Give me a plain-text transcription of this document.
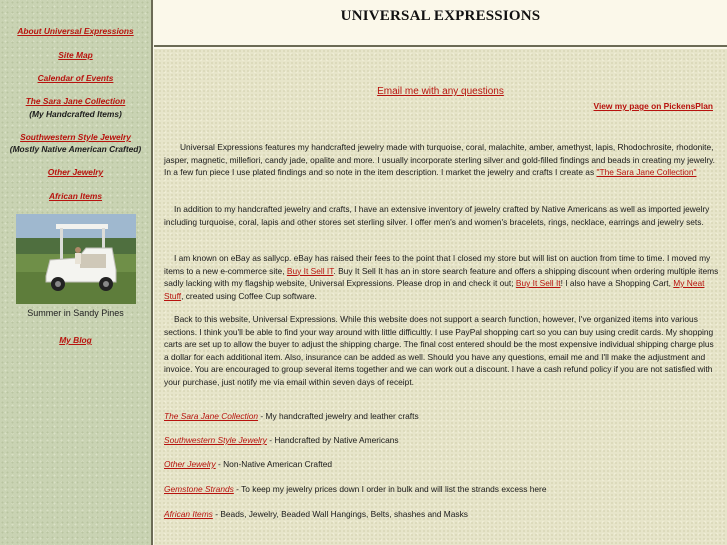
About Universal Expressions
Site Map
Calendar of Events
The Sara Jane Collection
(My Handcrafted Items)
Southwestern Style Jewelry
(Mostly Native American Crafted)
Other Jewelry
African Items
Summer in Sandy Pines
My Blog
UNIVERSAL EXPRESSIONS
Email me with any questions
View my page on PickensPlan

Universal Expressions features my handcrafted jewelry made with turquoise, coral, malachite, amber, amethyst, lapis, Rhodochrosite, rhodonite, jasper, magnetic, millefiori, candy jade, opalite and more. I usually incorporate sterling silver and gold-filled findings and beads in creating my jewelry. In a few fun piece I use plated findings and so note in the item description. I market the jewelry and crafts I create as "The Sara Jane Collection"

In addition to my handcrafted jewelry and crafts, I have an extensive inventory of jewelry crafted by Native Americans as well as imported jewelry including turquoise, coral, lapis and other stores set sterling silver. I offer men's and women's bracelets, rings, necklace, earrings and jewelry sets.

I am known on eBay as sallycp. eBay has raised their fees to the point that I closed my store but will list on auction from time to time. I moved my items to a new e-commerce site, Buy It Sell IT. Buy It Sell It has an in store search feature and offers a shipping discount when ordering multiple items sadly lacking with my flagship website, Universal Expressions. Please drop in and check it out; Buy It Sell It! I also have a Shopping Cart, My Neat Stuff, created using Coffee Cup software.

Back to this website, Universal Expressions. While this website does not support a search function, however, I've organized items into various sections. I think you'll be able to find your way around with little difficultly. I use PayPal shopping cart so you can buy using credit cards. My shopping carts are set up to allow the buyer to adjust the shipping charge. The final cost entered should be the most expensive individual shipping charge plus a dollar for each additional item. Also, insurance can be added as well. Should you have any questions, email me and I'll make the adjustment and invoice. You are encouraged to group several items together and we can work out a discount. I have a cash refund policy if you are not satisfied with your purchase, just notify me via email within seven days of receipt.

The Sara Jane Collection - My handcrafted jewelry and leather crafts

Southwestern Style Jewelry - Handcrafted by Native Americans

Other Jewelry - Non-Native American Crafted

Gemstone Strands - To keep my jewelry prices down I order in bulk and will list the strands excess here

African Items - Beads, Jewelry, Beaded Wall Hangings, Belts, shashes and Masks
